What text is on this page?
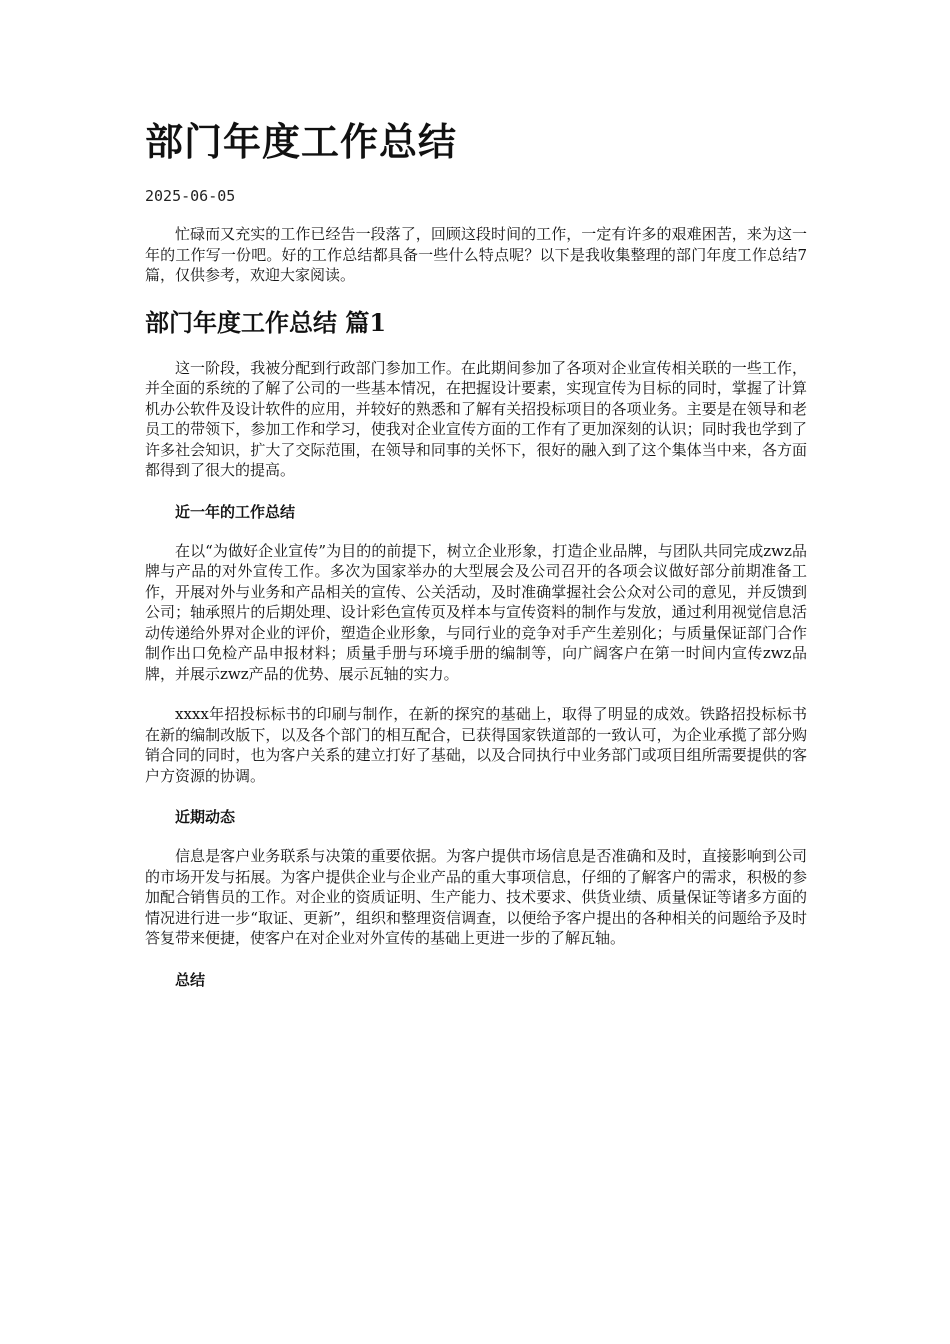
部门年度工作总结
2025-06-05

忙碌而又充实的工作已经告一段落了，回顾这段时间的工作，一定有许多的艰难困苦，来为这一年的工作写一份吧。好的工作总结都具备一些什么特点呢？以下是我收集整理的部门年度工作总结7篇，仅供参考，欢迎大家阅读。

部门年度工作总结 篇1

这一阶段，我被分配到行政部门参加工作。在此期间参加了各项对企业宣传相关联的一些工作，并全面的系统的了解了公司的一些基本情况，在把握设计要素，实现宣传为目标的同时，掌握了计算机办公软件及设计软件的应用，并较好的熟悉和了解有关招投标项目的各项业务。主要是在领导和老员工的带领下，参加工作和学习，使我对企业宣传方面的工作有了更加深刻的认识；同时我也学到了许多社会知识，扩大了交际范围，在领导和同事的关怀下，很好的融入到了这个集体当中来，各方面都得到了很大的提高。

近一年的工作总结

在以“为做好企业宣传”为目的的前提下，树立企业形象，打造企业品牌，与团队共同完成zwz品牌与产品的对外宣传工作。多次为国家举办的大型展会及公司召开的各项会议做好部分前期准备工作，开展对外与业务和产品相关的宣传、公关活动，及时准确掌握社会公众对公司的意见，并反馈到公司；轴承照片的后期处理、设计彩色宣传页及样本与宣传资料的制作与发放，通过利用视觉信息活动传递给外界对企业的评价，塑造企业形象，与同行业的竞争对手产生差别化；与质量保证部门合作制作出口免检产品申报材料；质量手册与环境手册的编制等，向广阔客户在第一时间内宣传zwz品牌，并展示zwz产品的优势、展示瓦轴的实力。

xxxx年招投标标书的印刷与制作，在新的探究的基础上，取得了明显的成效。铁路招投标标书在新的编制改版下，以及各个部门的相互配合，已获得国家铁道部的一致认可，为企业承揽了部分购销合同的同时，也为客户关系的建立打好了基础，以及合同执行中业务部门或项目组所需要提供的客户方资源的协调。

近期动态

信息是客户业务联系与决策的重要依据。为客户提供市场信息是否准确和及时，直接影响到公司的市场开发与拓展。为客户提供企业与企业产品的重大事项信息，仔细的了解客户的需求，积极的参加配合销售员的工作。对企业的资质证明、生产能力、技术要求、供货业绩、质量保证等诸多方面的情况进行进一步“取证、更新”，组织和整理资信调查，以便给予客户提出的各种相关的问题给予及时答复带来便捷，使客户在对企业对外宣传的基础上更进一步的了解瓦轴。

总结
